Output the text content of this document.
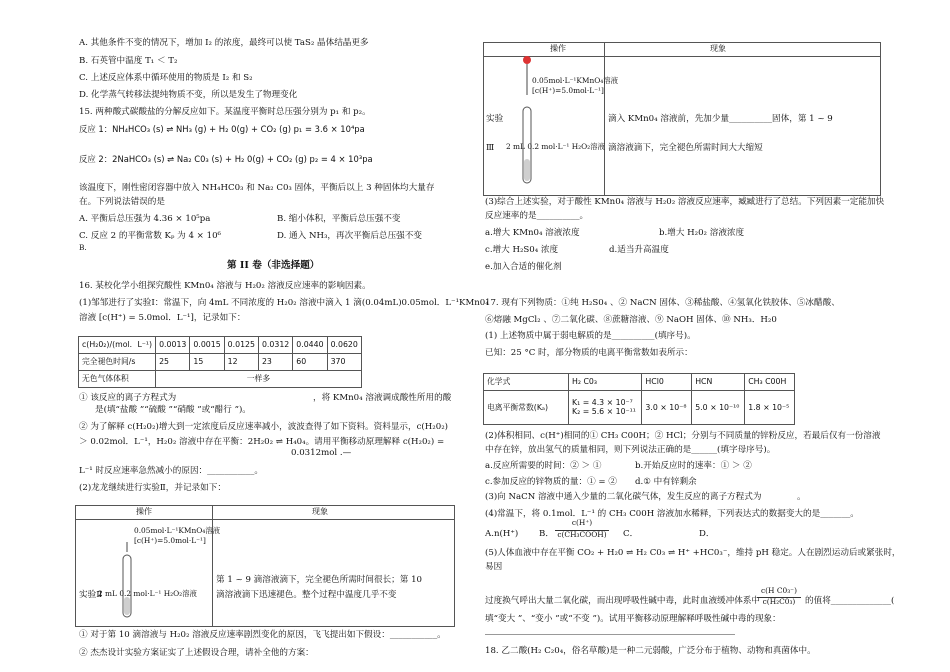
A. 其他条件不变的情况下，增加 I₂ 的浓度，最终可以使 TaS₂ 晶体结晶更多
B. 石英管中温度 T₁ ＜ T₂
C. 上述反应体系中循环使用的物质是 I₂ 和 S₂
D. 化学蒸气转移法提纯物质不变，所以是发生了物理变化
15. 两种酸式碳酸盐的分解反应如下。某温度平衡时总压强分别为 p₁ 和 p₂。
反应 1：NH₄HCO₃ (s) ⇌ NH₃ (g) + H₂ 0(g) + CO₂ (g) p₁ = 3.6 × 10⁴pa
反应 2：2NaHCO₃ (s) ⇌ Na₂ C0₃ (s) + H₂ 0(g) + CO₂ (g) p₂ = 4 × 10³pa
该温度下，刚性密闭容器中放入 NH₄HC0₃ 和 Na₂ C0₃ 固体，平衡后以上 3 种固体均大量存
在。下列说法错误的是
A. 平衡后总压强为 4.36 × 10⁵pa	B. 缩小体积，平衡后总压强不变
C. 反应 2 的平衡常数 Kₚ 为 4 × 10⁶	D. 通入 NH₃，再次平衡后总压强不变
B.
第 II 卷（非选择题）
16. 某校化学小组探究酸性 KMn0₄ 溶液与 H₂0₂ 溶液反应速率的影响因素。
(1)邹邹进行了实验Ⅰ：常温下，向 4mL 不同浓度的 H₂0₂ 溶液中滴入 1 滴(0.04mL)0.05mol．L⁻¹KMn0₄
溶液 [c(H⁺) = 5.0mol．L⁻¹]，记录如下：
c(H₂0₂)/(mol．L⁻¹)	0.0013	0.0015	0.0125	0.0312	0.0440	0.0620
完全褪色时间/s	25	15	12	23	60	370
无色气体体积	一样多					
① 该反应的离子方程式为	，将 KMn0₄ 溶液调成酸性所用的酸
是(填“盐酸 ”“硫酸 ”“硝酸 ”或“醋行 ”)。
② 为了解释 c(H₂0₂)增大到一定浓度后反应速率减小，波波查得了如下资料。资料显示，c(H₂0₂)
＞ 0.02mol．L⁻¹，H₂0₂ 溶液中存在平衡：2H₂0₂ ⇌ H₄0₄。请用平衡移动原理解释 c(H₂0₂) =
0.0312mol .—
L⁻¹ 时反应速率急然减小的原因：___________。
(2)龙龙继续进行实验Ⅱ，并记录如下：
操作	现象
0.05mol·L⁻¹KMnO₄溶液
[c(H⁺)=5.0mol·L⁻¹]
实验Ⅱ
2 mL 0.2 mol·L⁻¹ H₂O₂溶液
第 1 ~ 9 滴溶液滴下，完全褪色所需时间很长；第 10
滴溶液滴下迅速褪色。整个过程中温度几乎不变
① 对于第 10 滴溶液与 H₂0₂ 溶液反应速率剧烈变化的原因，飞飞提出如下假设：___________。
② 杰杰设计实验方案证实了上述假设合理，请补全他的方案：
操作	现象
0.05mol·L⁻¹KMnO₄溶液
[c(H⁺)=5.0mol·L⁻¹]
实验
Ⅲ 2 mL 0.2 mol·L⁻¹ H₂O₂溶液
滴入 KMn0₄ 溶液前，先加少量__________固体，第 1 ~ 9
滴溶液滴下，完全褪色所需时间大大缩短
(3)综合上述实验，对于酸性 KMn0₄ 溶液与 H₂0₂ 溶液反应速率，臧臧进行了总结。下列因素一定能加快
反应速率的是__________。
a.增大 KMn0₄ 溶液浓度	b.增大 H₂0₂ 溶液浓度
c.增大 H₂S0₄ 浓度	d.适当升高温度
e.加入合适的催化剂
17. 现有下列物质：①纯 H₂S0₄ 、② NaCN 固体、③稀盐酸、④氢氧化铁胶体、⑤冰醋酸、
⑥熔融 MgCl₂ 、⑦二氧化碳、⑧蔗糖溶液、⑨ NaOH 固体、⑩ NH₃．H₂0
(1) 上述物质中属于弱电解质的是__________(填序号)。
已知：25 °C 时，部分物质的电离平衡常数如表所示：
化学式	H₂ C0₃	HCl0	HCN	CH₃ C00H
电离平衡常数(Kₐ)	K₁ = 4.3 × 10⁻⁷
K₂ = 5.6 × 10⁻¹¹	3.0 × 10⁻⁸	5.0 × 10⁻¹⁰	1.8 × 10⁻⁵
(2)体积相同、c(H⁺)相同的① CH₃ C00H；② HCl；分别与不同质量的锌粉反应，若最后仅有一份溶液
中存在锌，放出氢气的质量相同，则下列说法正确的是______(填字母序号)。
a.反应所需要的时间：② ＞ ①	b.开始反应时的速率：① ＞ ②
c.参加反应的锌物质的量：① = ② d.① 中有锌剩余
(3)向 NaCN 溶液中通入少量的二氧化碳气体，发生反应的离子方程式为	。
(4)常温下，将 0.1mol．L⁻¹ 的 CH₃ C00H 溶液加水稀释，下列表达式的数据变大的是_______。
A.n(H⁺) B．
c(H⁺)
c(CH₃COOH) C．	D．
(5)人体血液中存在平衡 CO₂ + H₂0 ⇌ H₂ C0₃ ⇌ H⁺ +HC0₃⁻，维持 pH 稳定。人在剧烈运动后或紧张时，
易因
过度换气呼出大量二氧化碳，而出现呼吸性碱中毒，此时血液缓冲体系中
c(H C0₃⁻)
c(H₂C0₃)	的值将______________(
填“变大 ”、“变小 ”或“不变 ”)。试用平衡移动原理解释呼吸性碱中毒的现象：
18. 乙二酸(H₂ C₂0₄，俗名草酸)是一种二元弱酸，广泛分布于植物、动物和真菌体中。
